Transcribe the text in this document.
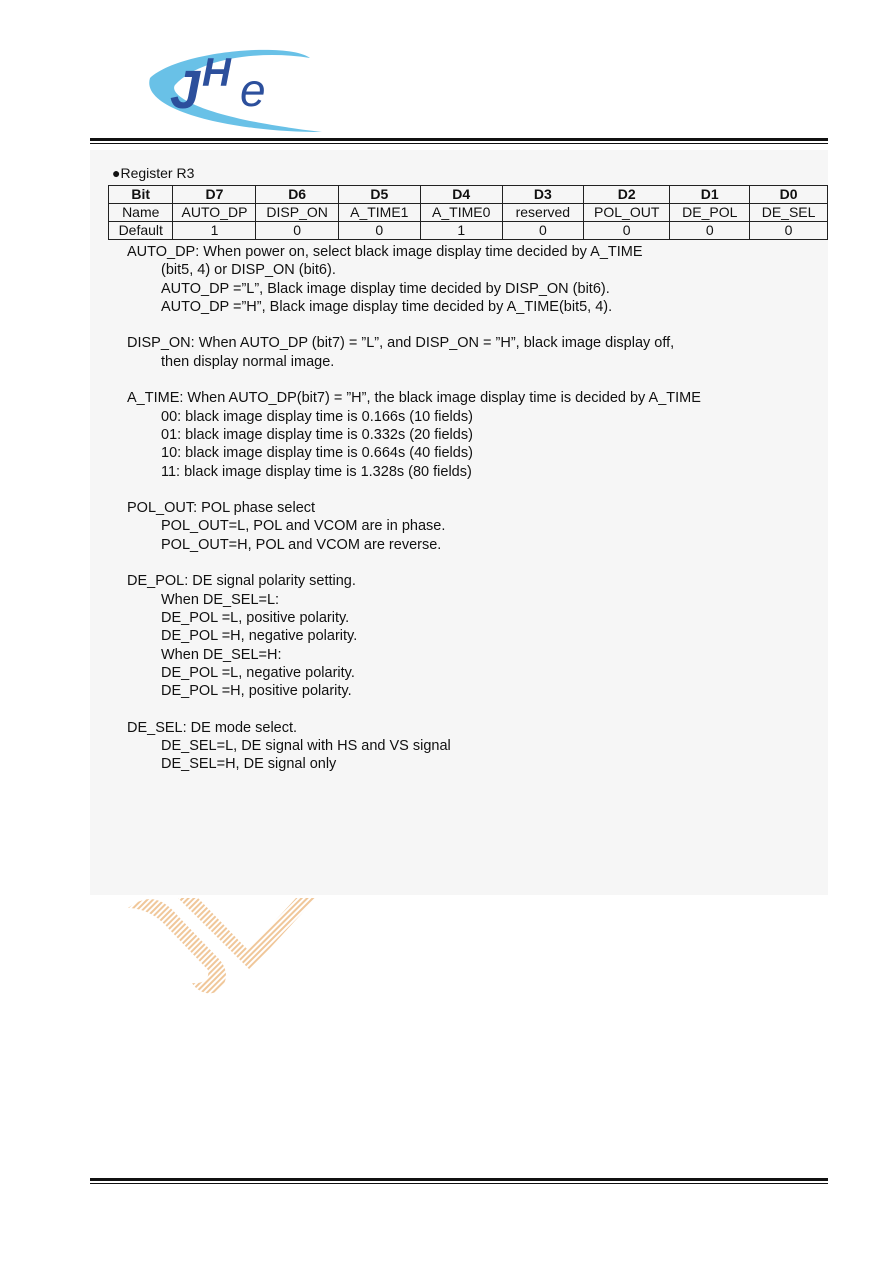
J H e
●Register R3
Bit	D7	D6	D5	D4	D3	D2	D1	D0
Name	AUTO_DP	DISP_ON	A_TIME1	A_TIME0	reserved	POL_OUT	DE_POL	DE_SEL
Default	1	0	0	1	0	0	0	0

AUTO_DP: When power on, select black image display time decided by A_TIME

(bit5, 4) or DISP_ON (bit6).

AUTO_DP =”L”, Black image display time decided by DISP_ON (bit6).

AUTO_DP =”H”, Black image display time decided by A_TIME(bit5, 4).

DISP_ON: When AUTO_DP (bit7) = ”L”, and DISP_ON = ”H”, black image display off,

then display normal image.

A_TIME: When AUTO_DP(bit7) = ”H”, the black image display time is decided by A_TIME

00: black image display time is 0.166s (10 fields)

01: black image display time is 0.332s (20 fields)

10: black image display time is 0.664s (40 fields)

11: black image display time is 1.328s (80 fields)

POL_OUT: POL phase select

POL_OUT=L, POL and VCOM are in phase.

POL_OUT=H, POL and VCOM are reverse.

DE_POL: DE signal polarity setting.

When DE_SEL=L:

DE_POL =L, positive polarity.

DE_POL =H, negative polarity.

When DE_SEL=H:

DE_POL =L, negative polarity.

DE_POL =H, positive polarity.

DE_SEL: DE mode select.

DE_SEL=L, DE signal with HS and VS signal

DE_SEL=H, DE signal only
